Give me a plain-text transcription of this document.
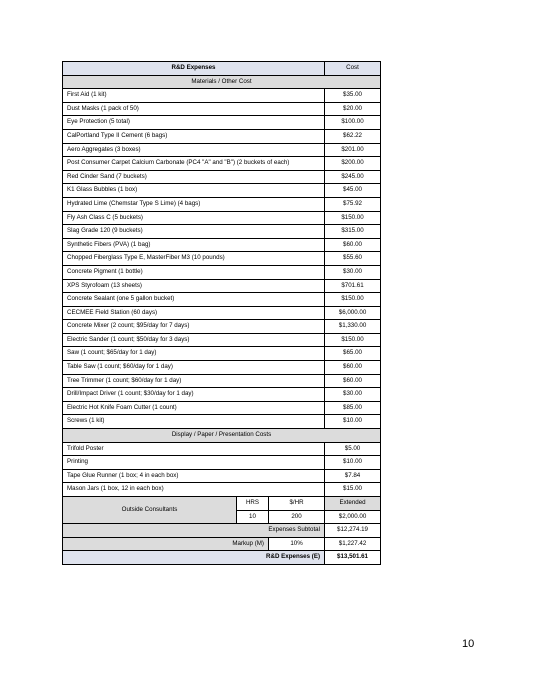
R&D Expenses			Cost
Materials / Other Cost			
First Aid (1 kit)			$35.00
Dust Masks (1 pack of 50)			$20.00
Eye Protection (5 total)			$100.00
CalPortland Type II Cement (6 bags)			$62.22
Aero Aggregates (3 boxes)			$201.00
Post Consumer Carpet Calcium Carbonate (PC4 "A" and "B") (2 buckets of each)			$200.00
Red Cinder Sand (7 buckets)			$245.00
K1 Glass Bubbles (1 box)			$45.00
Hydrated Lime (Chemstar Type S Lime) (4 bags)			$75.92
Fly Ash Class C (5 buckets)			$150.00
Slag Grade 120 (9 buckets)			$315.00
Synthetic Fibers (PVA) (1 bag)			$60.00
Chopped Fiberglass Type E, MasterFiber M3 (10 pounds)			$55.60
Concrete Pigment (1 bottle)			$30.00
XPS Styrofoam (13 sheets)			$701.61
Concrete Sealant (one 5 gallon bucket)			$150.00
CECMEE Field Station (60 days)			$6,000.00
Concrete Mixer (2 count; $95/day for 7 days)			$1,330.00
Electric Sander (1 count; $50/day for 3 days)			$150.00
Saw (1 count; $65/day for 1 day)			$65.00
Table Saw (1 count; $60/day for 1 day)			$60.00
Tree Trimmer (1 count; $60/day for 1 day)			$60.00
Drill/Impact Driver (1 count; $30/day for 1 day)			$30.00
Electric Hot Knife Foam Cutter (1 count)			$85.00
Screws (1 kit)			$10.00
Display / Paper / Presentation Costs			
Trifold Poster			$5.00
Printing			$10.00
Tape Glue Runner (1 box; 4 in each box)			$7.84
Mason Jars (1 box, 12 in each box)			$15.00
Outside Consultants	HRS	$/HR	Extended
	10	200	$2,000.00
	Expenses Subtotal		$12,274.19
Markup (M)		10%	$1,227.42
R&D Expenses (E)			$13,501.61
10
